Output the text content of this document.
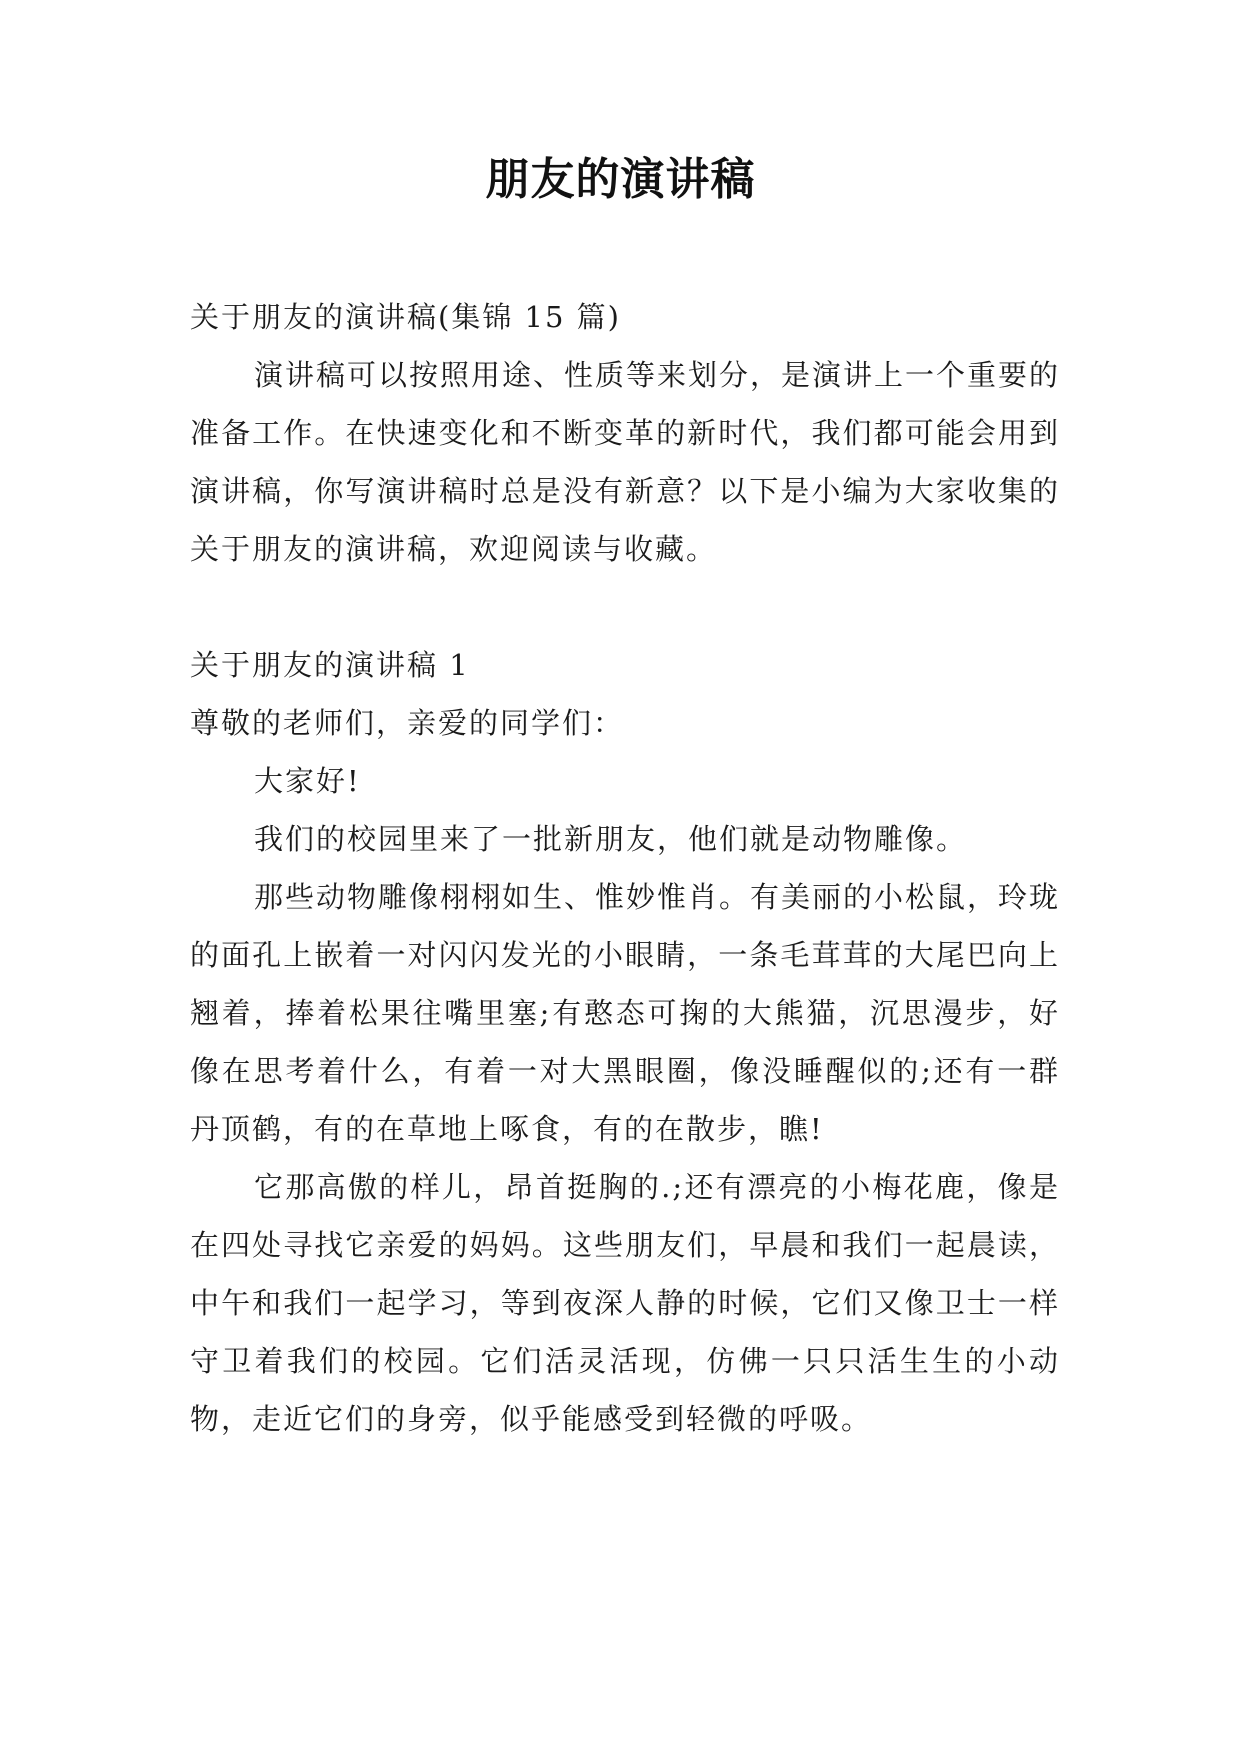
朋友的演讲稿

关于朋友的演讲稿(集锦 15 篇)

演讲稿可以按照用途、性质等来划分，是演讲上一个重要的准备工作。在快速变化和不断变革的新时代，我们都可能会用到演讲稿，你写演讲稿时总是没有新意？以下是小编为大家收集的关于朋友的演讲稿，欢迎阅读与收藏。

关于朋友的演讲稿 1

尊敬的老师们，亲爱的同学们：

大家好!

我们的校园里来了一批新朋友，他们就是动物雕像。

那些动物雕像栩栩如生、惟妙惟肖。有美丽的小松鼠，玲珑的面孔上嵌着一对闪闪发光的小眼睛，一条毛茸茸的大尾巴向上翘着，捧着松果往嘴里塞;有憨态可掬的大熊猫，沉思漫步，好像在思考着什么，有着一对大黑眼圈，像没睡醒似的;还有一群丹顶鹤，有的在草地上啄食，有的在散步，瞧!

它那高傲的样儿，昂首挺胸的.;还有漂亮的小梅花鹿，像是在四处寻找它亲爱的妈妈。这些朋友们，早晨和我们一起晨读，中午和我们一起学习，等到夜深人静的时候，它们又像卫士一样守卫着我们的校园。它们活灵活现，仿佛一只只活生生的小动物，走近它们的身旁，似乎能感受到轻微的呼吸。
